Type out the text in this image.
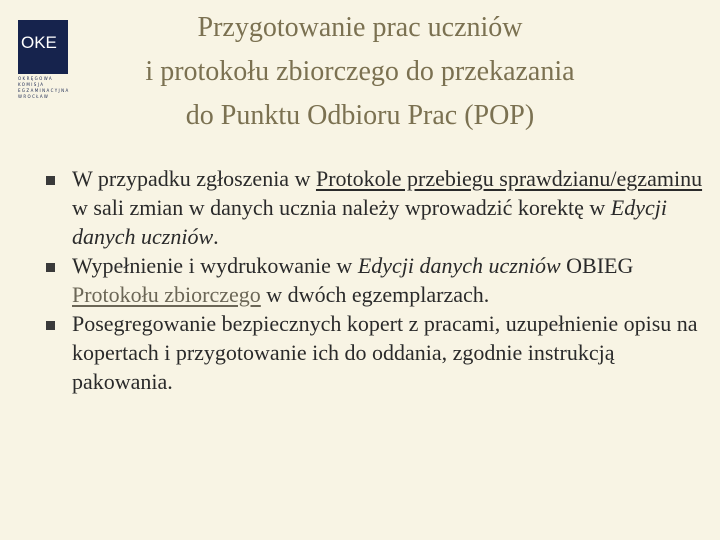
OKE
OKRĘGOWA
KOMISJA
EGZAMINACYJNA
WROCŁAW
Przygotowanie prac uczniów
i protokołu zbiorczego do przekazania
do Punktu Odbioru Prac (POP)
W przypadku zgłoszenia w Protokole przebiegu sprawdzianu/egzaminu w sali zmian w danych ucznia należy wprowadzić korektę w Edycji danych uczniów.
Wypełnienie i wydrukowanie w Edycji danych uczniów OBIEG Protokołu zbiorczego w dwóch egzemplarzach.
Posegregowanie bezpiecznych kopert z pracami, uzupełnienie opisu na kopertach i przygotowanie ich do oddania, zgodnie instrukcją pakowania.
